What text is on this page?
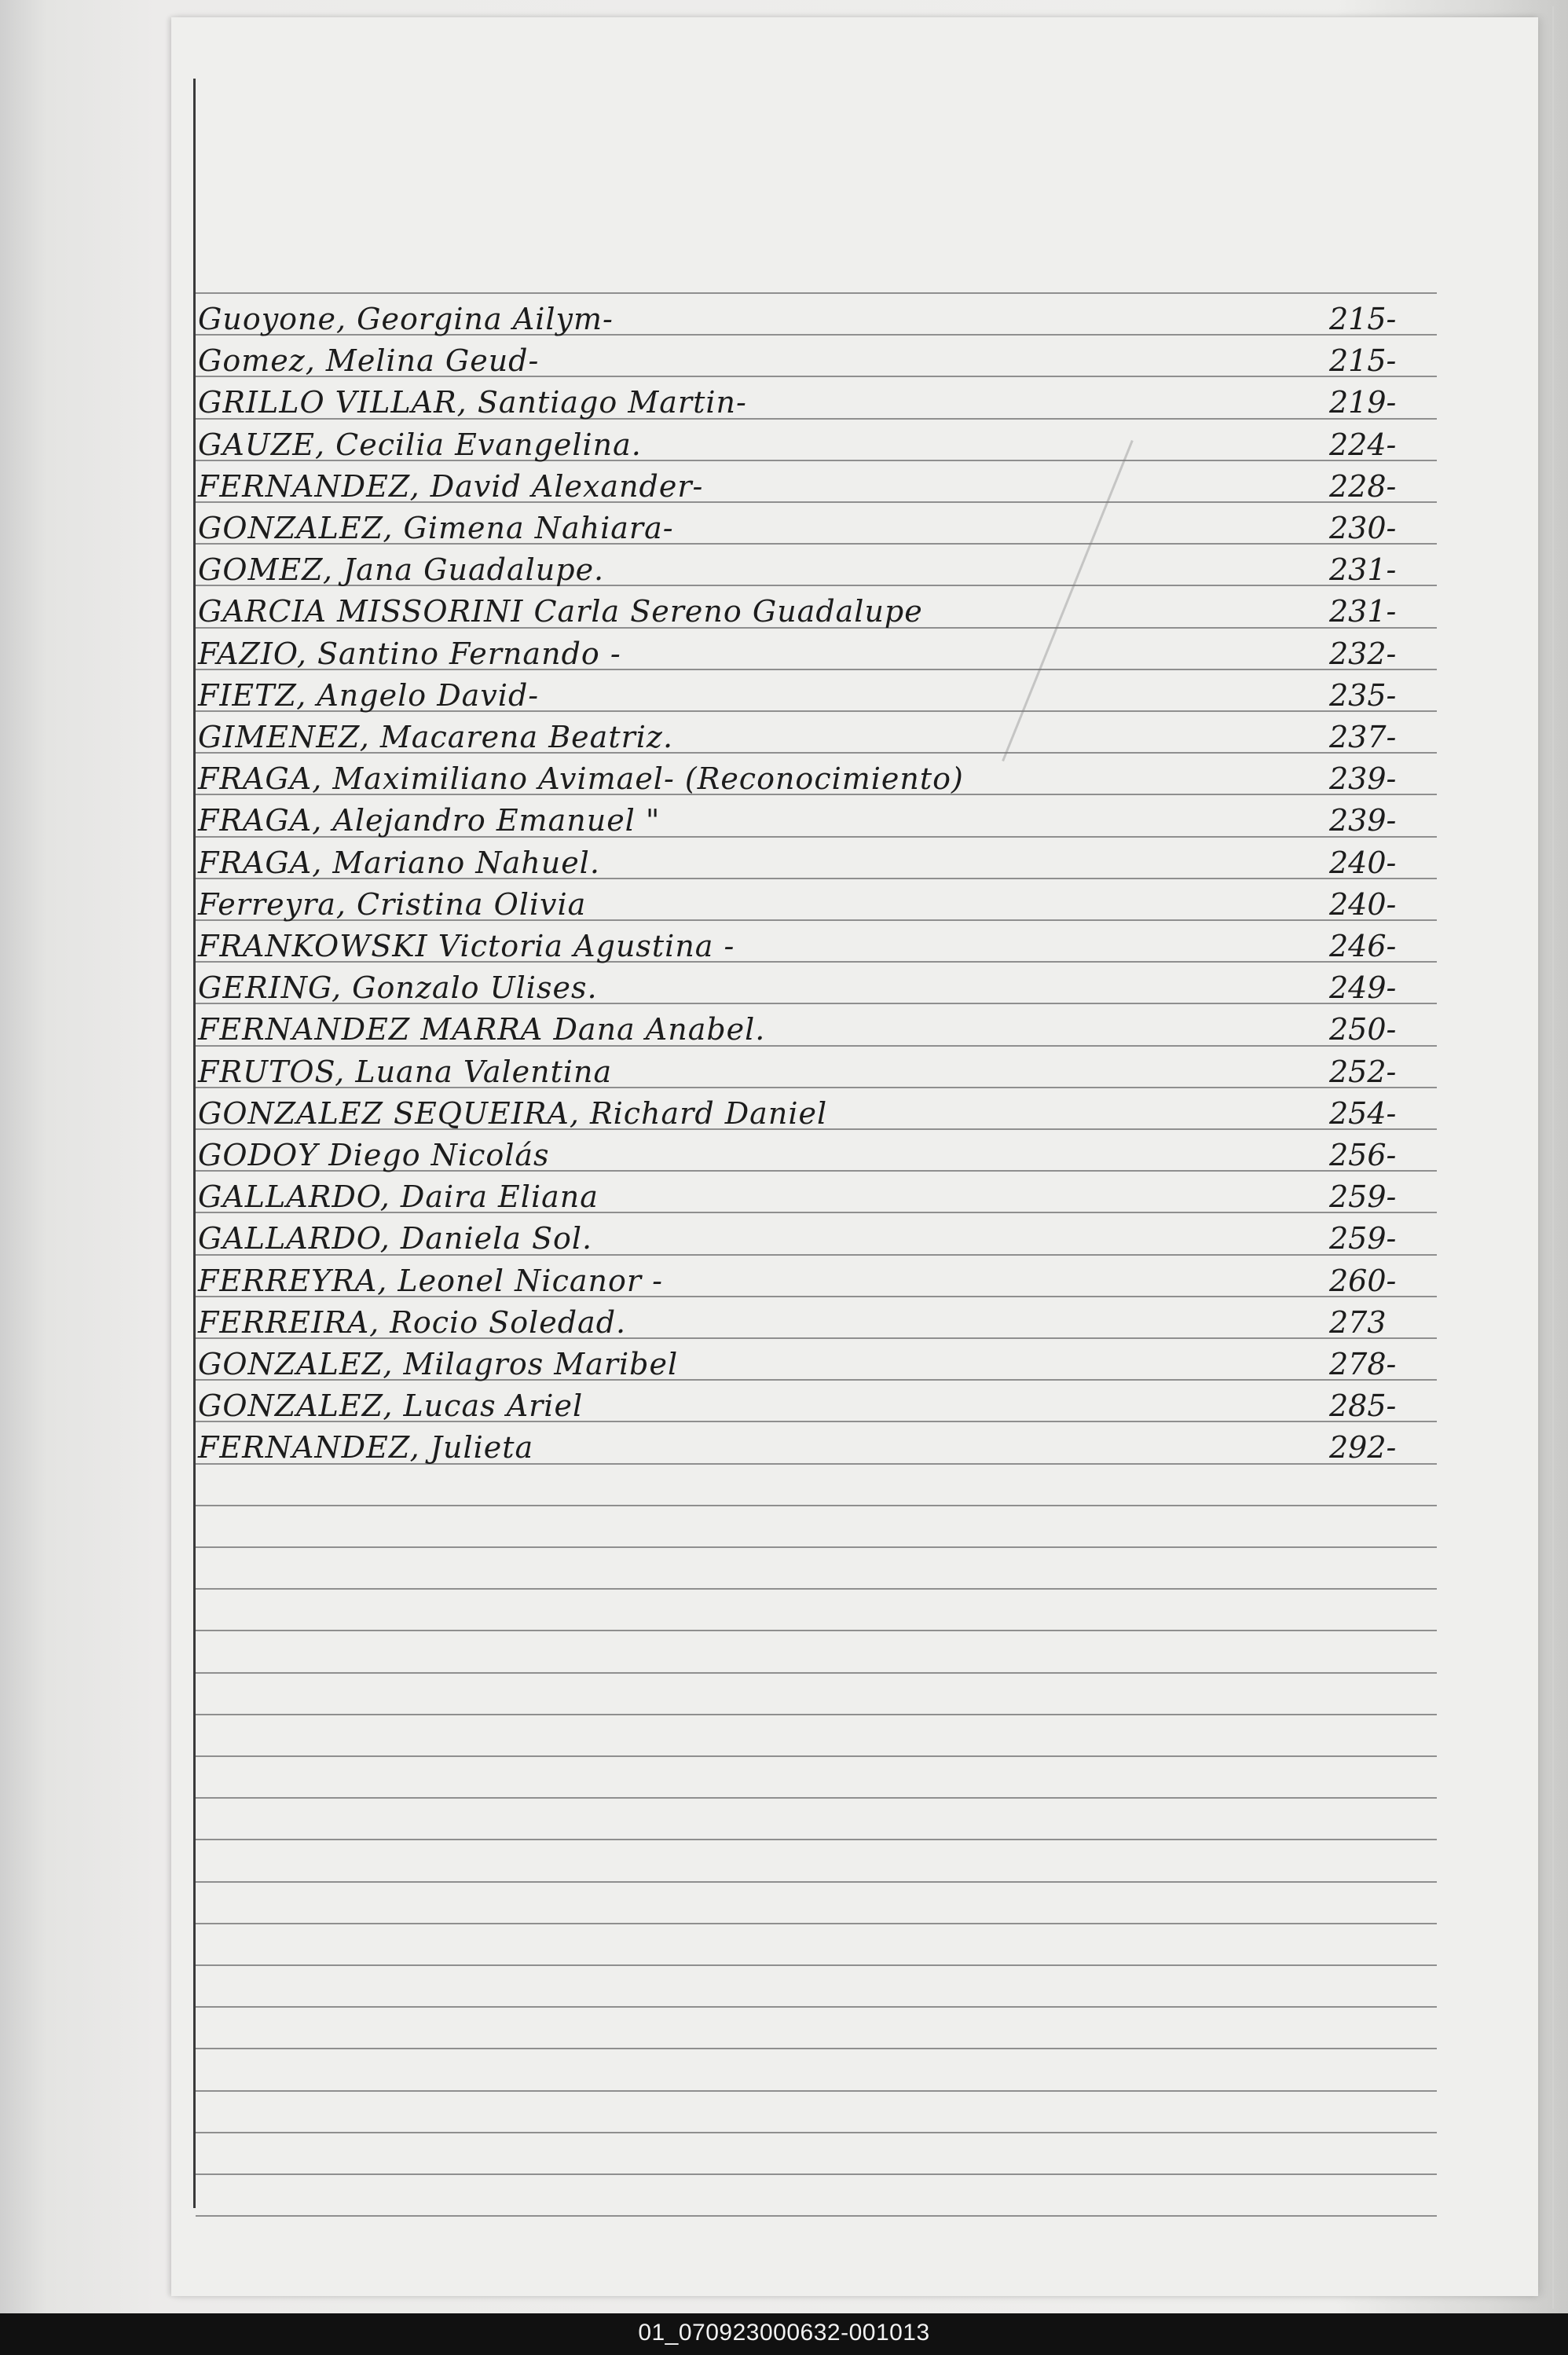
Guoyone, Georgina Ailym-	215-
Gomez, Melina Geud-	215-
GRILLO VILLAR, Santiago Martin-	219-
GAUZE, Cecilia Evangelina.	224-
FERNANDEZ, David Alexander-	228-
GONZALEZ, Gimena Nahiara-	230-
GOMEZ, Jana Guadalupe.	231-
GARCIA MISSORINI Carla Sereno Guadalupe	231-
FAZIO, Santino Fernando -	232-
FIETZ, Angelo David-	235-
GIMENEZ, Macarena Beatriz.	237-
FRAGA, Maximiliano Avimael- (Reconocimiento)	239-
FRAGA, Alejandro Emanuel "	239-
FRAGA, Mariano Nahuel.	240-
Ferreyra, Cristina Olivia	240-
FRANKOWSKI Victoria Agustina -	246-
GERING, Gonzalo Ulises.	249-
FERNANDEZ MARRA Dana Anabel.	250-
FRUTOS, Luana Valentina	252-
GONZALEZ SEQUEIRA, Richard Daniel	254-
GODOY Diego Nicolás	256-
GALLARDO, Daira Eliana	259-
GALLARDO, Daniela Sol.	259-
FERREYRA, Leonel Nicanor -	260-
FERREIRA, Rocio Soledad.	273
GONZALEZ, Milagros Maribel	278-
GONZALEZ, Lucas Ariel	285-
FERNANDEZ, Julieta	292-
01_070923000632-001013
